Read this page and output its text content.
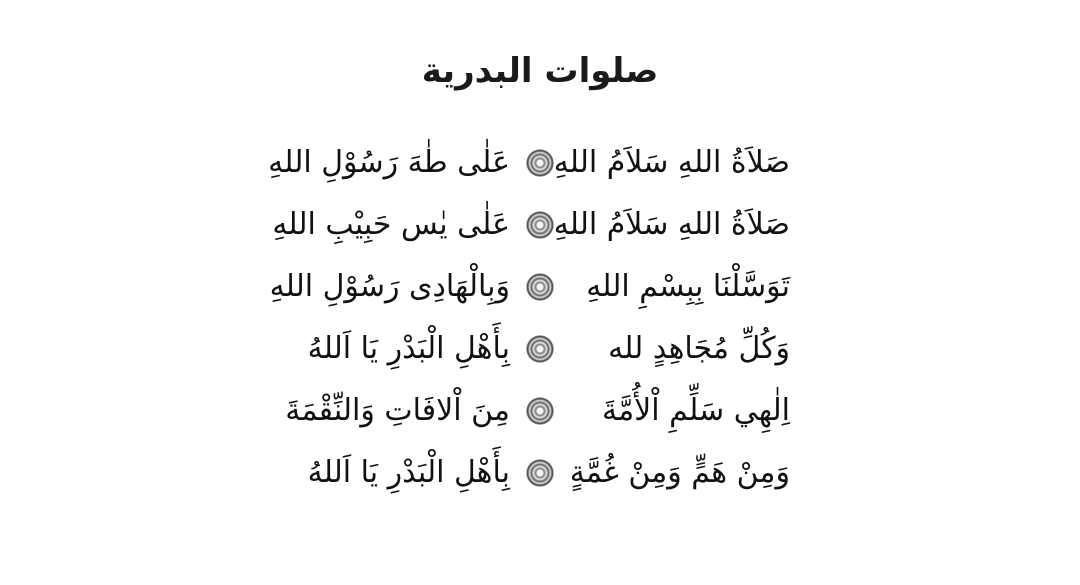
صلوات البدرية
صَلاَةُ اللهِ سَلاَمُ اللهِ
عَلٰى طٰهَ رَسُوْلِ اللهِ
صَلاَةُ اللهِ سَلاَمُ اللهِ
عَلٰى يٰس حَبِيْبِ اللهِ
تَوَسَّلْنَا بِبِسْمِ اللهِ
وَبِالْهَادِى رَسُوْلِ اللهِ
وَكُلِّ مُجَاهِدٍ لله
بِأَهْلِ الْبَدْرِ يَا اَللهُ
اِلٰهِي سَلِّمِ اْلأُمَّةَ
مِنَ اْلافَاتِ وَالنِّقْمَةَ
وَمِنْ هَمٍّ وَمِنْ غُمَّةٍ
بِأَهْلِ الْبَدْرِ يَا اَللهُ
